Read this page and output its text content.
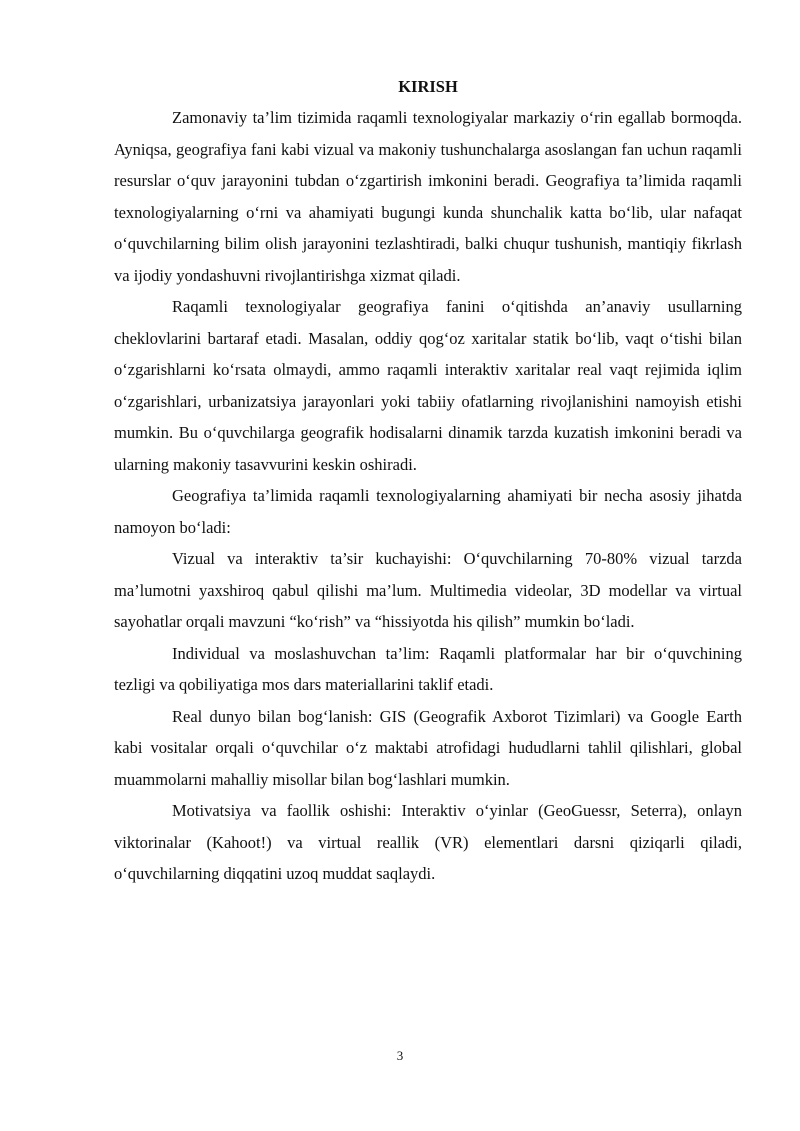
KIRISH

Zamonaviy ta’lim tizimida raqamli texnologiyalar markaziy o‘rin egallab bormoqda. Ayniqsa, geografiya fani kabi vizual va makoniy tushunchalarga asoslangan fan uchun raqamli resurslar o‘quv jarayonini tubdan o‘zgartirish imkonini beradi. Geografiya ta’limida raqamli texnologiyalarning o‘rni va ahamiyati bugungi kunda shunchalik katta bo‘lib, ular nafaqat o‘quvchilarning bilim olish jarayonini tezlashtiradi, balki chuqur tushunish, mantiqiy fikrlash va ijodiy yondashuvni rivojlantirishga xizmat qiladi.

Raqamli texnologiyalar geografiya fanini o‘qitishda an’anaviy usullarning cheklovlarini bartaraf etadi. Masalan, oddiy qog‘oz xaritalar statik bo‘lib, vaqt o‘tishi bilan o‘zgarishlarni ko‘rsata olmaydi, ammo raqamli interaktiv xaritalar real vaqt rejimida iqlim o‘zgarishlari, urbanizatsiya jarayonlari yoki tabiiy ofatlarning rivojlanishini namoyish etishi mumkin. Bu o‘quvchilarga geografik hodisalarni dinamik tarzda kuzatish imkonini beradi va ularning makoniy tasavvurini keskin oshiradi.

Geografiya ta’limida raqamli texnologiyalarning ahamiyati bir necha asosiy jihatda namoyon bo‘ladi:

Vizual va interaktiv ta’sir kuchayishi: O‘quvchilarning 70-80% vizual tarzda ma’lumotni yaxshiroq qabul qilishi ma’lum. Multimedia videolar, 3D modellar va virtual sayohatlar orqali mavzuni “ko‘rish” va “hissiyotda his qilish” mumkin bo‘ladi.

Individual va moslashuvchan ta’lim: Raqamli platformalar har bir o‘quvchining tezligi va qobiliyatiga mos dars materiallarini taklif etadi.

Real dunyo bilan bog‘lanish: GIS (Geografik Axborot Tizimlari) va Google Earth kabi vositalar orqali o‘quvchilar o‘z maktabi atrofidagi hududlarni tahlil qilishlari, global muammolarni mahalliy misollar bilan bog‘lashlari mumkin.

Motivatsiya va faollik oshishi: Interaktiv o‘yinlar (GeoGuessr, Seterra), onlayn viktorinalar (Kahoot!) va virtual reallik (VR) elementlari darsni qiziqarli qiladi, o‘quvchilarning diqqatini uzoq muddat saqlaydi.

3
